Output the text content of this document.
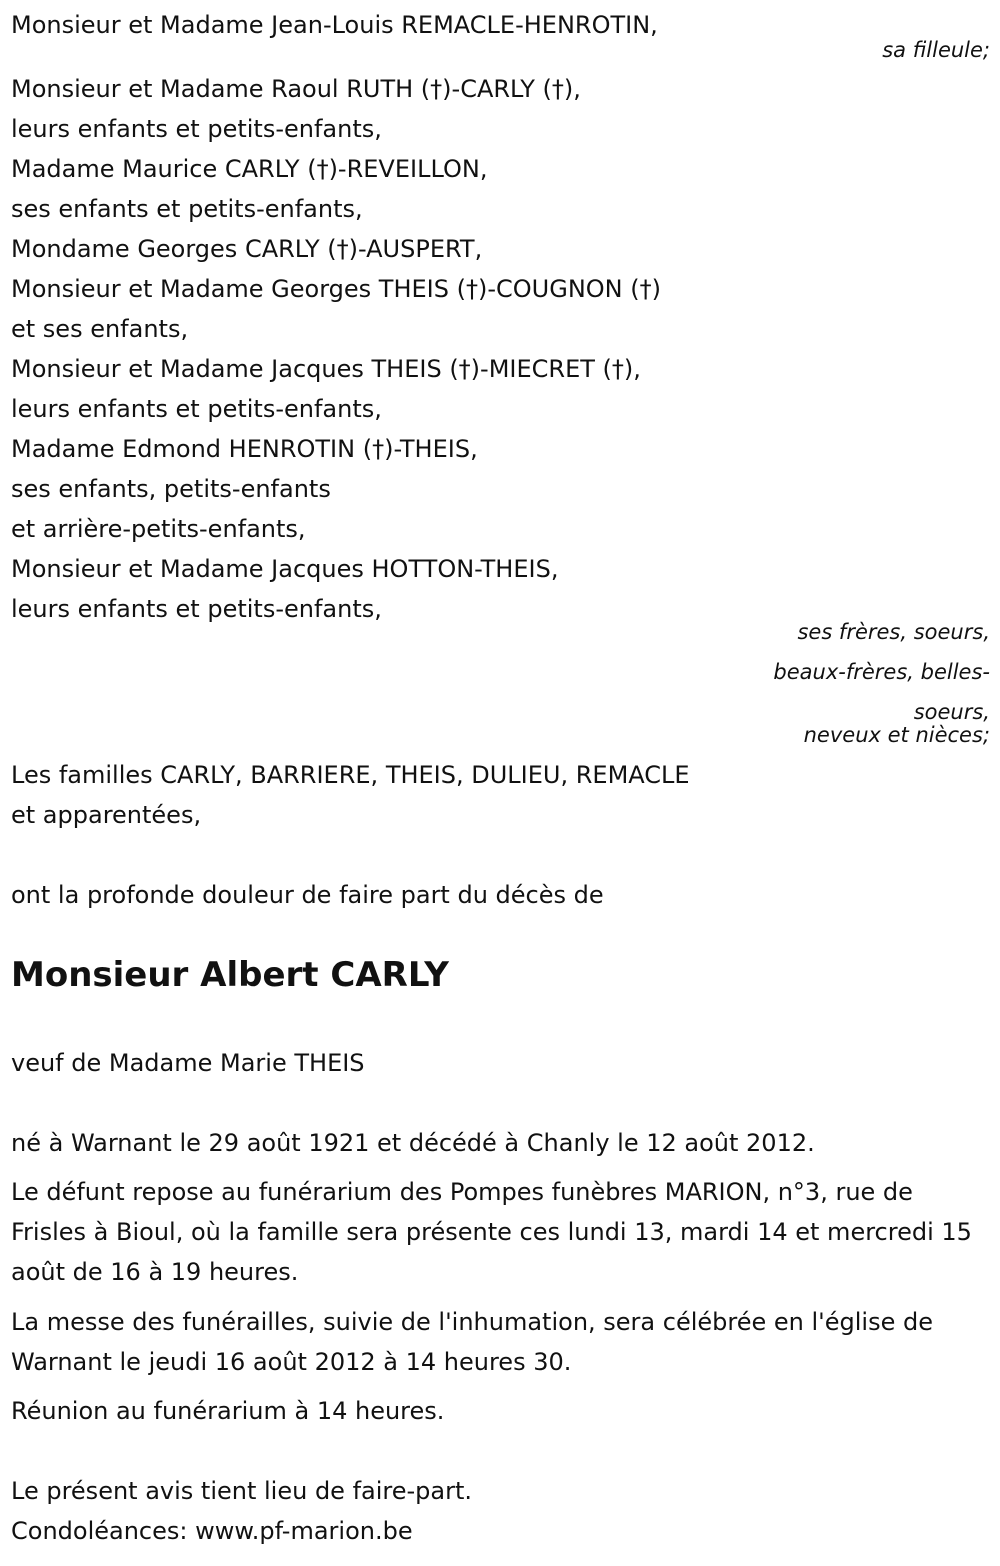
Monsieur et Madame Jean-Louis REMACLE-HENROTIN,
sa filleule;
Monsieur et Madame Raoul RUTH (†)-CARLY (†),
leurs enfants et petits-enfants,
Madame Maurice CARLY (†)-REVEILLON,
ses enfants et petits-enfants,
Mondame Georges CARLY (†)-AUSPERT,
Monsieur et Madame Georges THEIS (†)-COUGNON (†)
et ses enfants,
Monsieur et Madame Jacques THEIS (†)-MIECRET (†),
leurs enfants et petits-enfants,
Madame Edmond HENROTIN (†)-THEIS,
ses enfants, petits-enfants
et arrière-petits-enfants,
Monsieur et Madame Jacques HOTTON-THEIS,
leurs enfants et petits-enfants,
ses frères, soeurs,
beaux-frères, belles-
soeurs,
neveux et nièces;
Les familles CARLY, BARRIERE, THEIS, DULIEU, REMACLE
et apparentées,
ont la profonde douleur de faire part du décès de
Monsieur Albert CARLY
veuf de Madame Marie THEIS
né à Warnant le 29 août 1921 et décédé à Chanly le 12 août 2012.
Le défunt repose au funérarium des Pompes funèbres MARION, n°3, rue de Frisles à Bioul, où la famille sera présente ces lundi 13, mardi 14 et mercredi 15 août de 16 à 19 heures.
La messe des funérailles, suivie de l'inhumation, sera célébrée en l'église de Warnant le jeudi 16 août 2012 à 14 heures 30.
Réunion au funérarium à 14 heures.
Le présent avis tient lieu de faire-part.
Condoléances: www.pf-marion.be
